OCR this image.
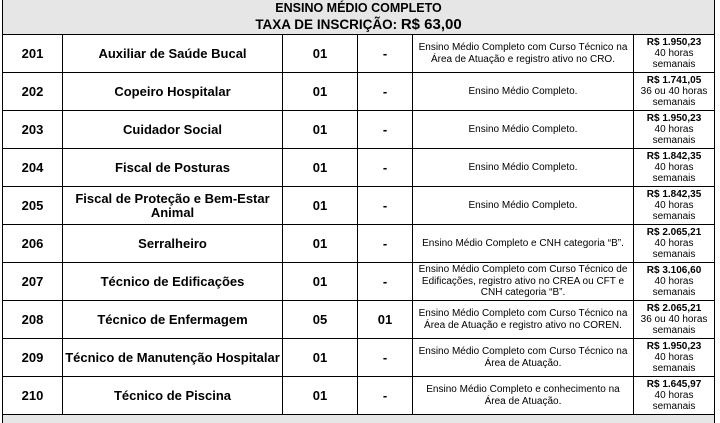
ENSINO MÉDIO COMPLETO
TAXA DE INSCRIÇÃO: R$ 63,00					

201	Auxiliar de Saúde Bucal	01	-	Ensino Médio Completo com Curso Técnico na Área de Atuação e registro ativo no CRO.	R$ 1.950,23
40 horas semanais

202	Copeiro Hospitalar	01	-	Ensino Médio Completo.	R$ 1.741,05
36 ou 40 horas semanais

203	Cuidador Social	01	-	Ensino Médio Completo.	R$ 1.950,23
40 horas semanais

204	Fiscal de Posturas	01	-	Ensino Médio Completo.	R$ 1.842,35
40 horas semanais

205	Fiscal de Proteção e Bem-Estar Animal	01	-	Ensino Médio Completo.	R$ 1.842,35
40 horas semanais

206	Serralheiro	01	-	Ensino Médio Completo e CNH categoria “B”.	R$ 2.065,21
40 horas semanais

207	Técnico de Edificações	01	-	Ensino Médio Completo com Curso Técnico de Edificações, registro ativo no CREA ou CFT e CNH categoria “B”.	R$ 3.106,60
40 horas semanais

208	Técnico de Enfermagem	05	01	Ensino Médio Completo com Curso Técnico na Área de Atuação e registro ativo no COREN.	R$ 2.065,21
36 ou 40 horas semanais

209	Técnico de Manutenção Hospitalar	01	-	Ensino Médio Completo com Curso Técnico na Área de Atuação.	R$ 1.950,23
40 horas semanais

210	Técnico de Piscina	01	-	Ensino Médio Completo e conhecimento na Área de Atuação.	R$ 1.645,97
40 horas semanais
